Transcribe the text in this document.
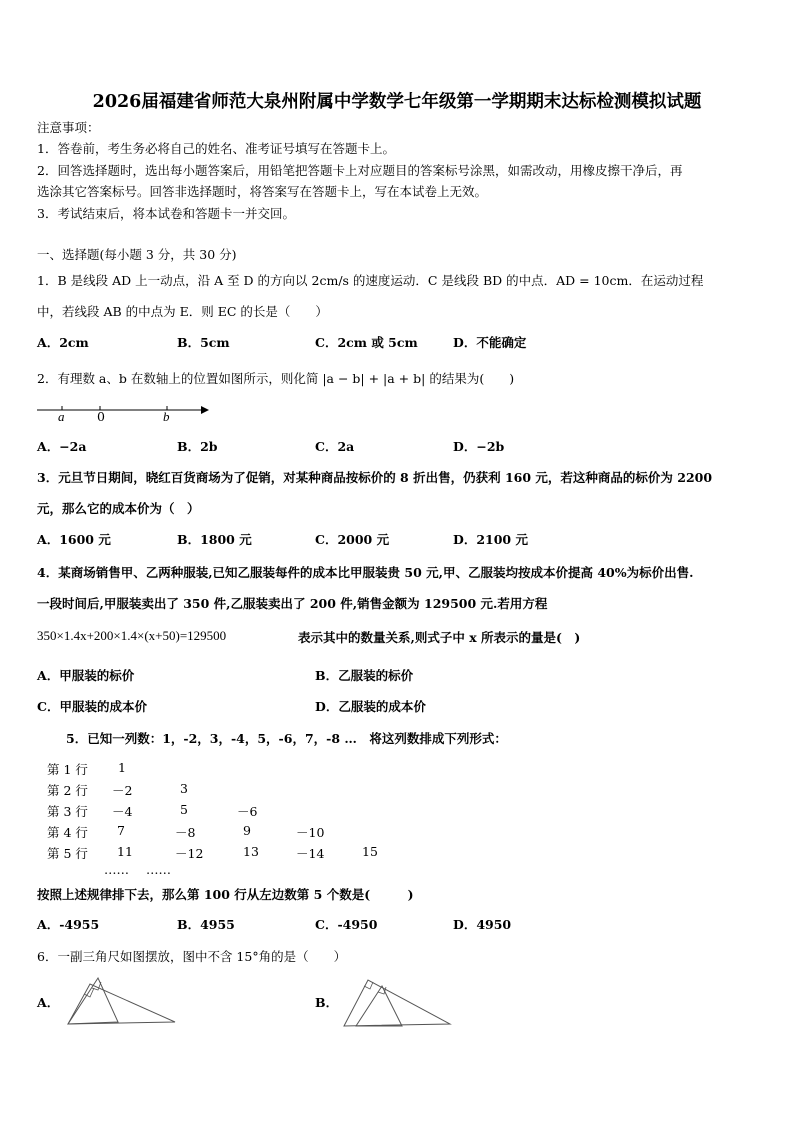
2026届福建省师范大泉州附属中学数学七年级第一学期期末达标检测模拟试题
注意事项：
1．答卷前，考生务必将自己的姓名、准考证号填写在答题卡上。
2．回答选择题时，选出每小题答案后，用铅笔把答题卡上对应题目的答案标号涂黑，如需改动，用橡皮擦干净后，再
选涂其它答案标号。回答非选择题时，将答案写在答题卡上，写在本试卷上无效。
3．考试结束后，将本试卷和答题卡一并交回。
一、选择题(每小题 3 分，共 30 分)
1．B 是线段 AD 上一动点，沿 A 至 D 的方向以 2cm/s 的速度运动．C 是线段 BD 的中点．AD = 10cm．在运动过程
中，若线段 AB 的中点为 E．则 EC 的长是（　　）
A．2cm	B．5cm	C．2cm 或 5cm	D．不能确定
2．有理数 a、b 在数轴上的位置如图所示，则化简 |a − b| + |a + b| 的结果为(　　)
a	0	b
A．−2a	B．2b	C．2a	D．−2b
3．元旦节日期间，晓红百货商场为了促销，对某种商品按标价的 8 折出售，仍获利 160 元，若这种商品的标价为 2200
元，那么它的成本价为（　）
A．1600 元	B．1800 元	C．2000 元	D．2100 元
4．某商场销售甲、乙两种服装,已知乙服装每件的成本比甲服装贵 50 元,甲、乙服装均按成本价提高 40%为标价出售.
一段时间后,甲服装卖出了 350 件,乙服装卖出了 200 件,销售金额为 129500 元.若用方程
350×1.4x+200×1.4×(x+50)=129500	表示其中的数量关系,则式子中 x 所表示的量是(　)
A．甲服装的标价	B．乙服装的标价
C．甲服装的成本价	D．乙服装的成本价
5．已知一列数：1，-2，3，-4，5，-6，7，-8 …　将这列数排成下列形式：
第 1 行 1
第 2 行 －2	3
第 3 行 －4	5	－6
第 4 行 7	－8	9	－10
第 5 行 11	－12	13	－14	15
…… ……
按照上述规律排下去，那么第 100 行从左边数第 5 个数是(　　　)
A．-4955	B．4955	C．-4950	D．4950
6．一副三角尺如图摆放，图中不含 15°角的是（　　）
A．	B．
